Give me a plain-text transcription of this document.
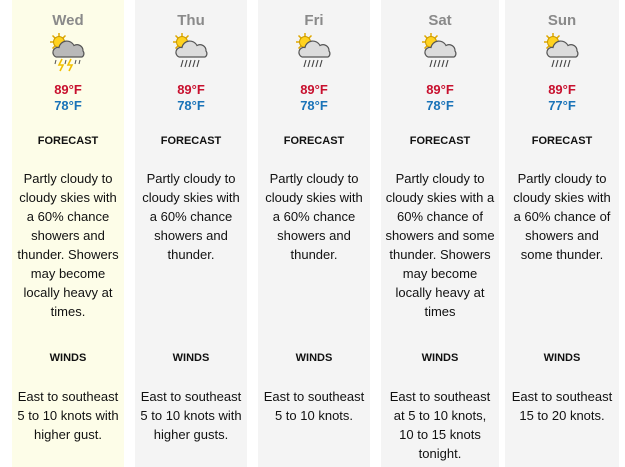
Wed
89°F
78°F
FORECAST
Partly cloudy to cloudy skies with a 60% chance showers and thunder. Showers may become locally heavy at times.
WINDS
East to southeast 5 to 10 knots with higher gust.
Thu
89°F
78°F
FORECAST
Partly cloudy to cloudy skies with a 60% chance showers and thunder.
WINDS
East to southeast 5 to 10 knots with higher gusts.
Fri
89°F
78°F
FORECAST
Partly cloudy to cloudy skies with a 60% chance showers and thunder.
WINDS
East to southeast 5 to 10 knots.
Sat
89°F
78°F
FORECAST
Partly cloudy to cloudy skies with a 60% chance of showers and some thunder. Showers may become locally heavy at times
WINDS
East to southeast at 5 to 10 knots, 10 to 15 knots tonight.
Sun
89°F
77°F
FORECAST
Partly cloudy to cloudy skies with a 60% chance of showers and some thunder.
WINDS
East to southeast 15 to 20 knots.
